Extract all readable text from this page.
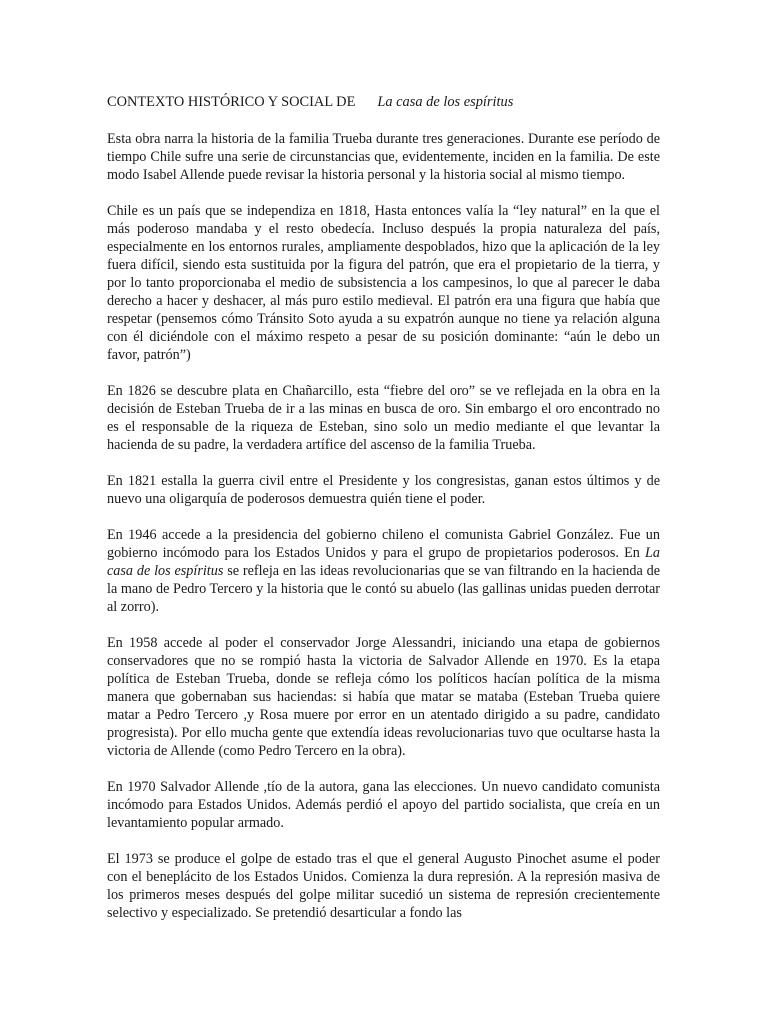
CONTEXTO HISTÓRICO Y SOCIAL DE La casa de los espíritus

Esta obra narra la historia de la familia Trueba durante tres generaciones. Durante ese período de tiempo Chile sufre una serie de circunstancias que, evidentemente, inciden en la familia. De este modo Isabel Allende puede revisar la historia personal y la historia social al mismo tiempo.

Chile es un país que se independiza en 1818, Hasta entonces valía la “ley natural” en la que el más poderoso mandaba y el resto obedecía. Incluso después la propia naturaleza del país, especialmente en los entornos rurales, ampliamente despoblados, hizo que la aplicación de la ley fuera difícil, siendo esta sustituida por la figura del patrón, que era el propietario de la tierra, y por lo tanto proporcionaba el medio de subsistencia a los campesinos, lo que al parecer le daba derecho a hacer y deshacer, al más puro estilo medieval. El patrón era una figura que había que respetar (pensemos cómo Tránsito Soto ayuda a su expatrón aunque no tiene ya relación alguna con él diciéndole con el máximo respeto a pesar de su posición dominante: “aún le debo un favor, patrón”)

En 1826 se descubre plata en Chañarcillo, esta “fiebre del oro” se ve reflejada en la obra en la decisión de Esteban Trueba de ir a las minas en busca de oro. Sin embargo el oro encontrado no es el responsable de la riqueza de Esteban, sino solo un medio mediante el que levantar la hacienda de su padre, la verdadera artífice del ascenso de la familia Trueba.

En 1821 estalla la guerra civil entre el Presidente y los congresistas, ganan estos últimos y de nuevo una oligarquía de poderosos demuestra quién tiene el poder.

En 1946 accede a la presidencia del gobierno chileno el comunista Gabriel González. Fue un gobierno incómodo para los Estados Unidos y para el grupo de propietarios poderosos. En La casa de los espíritus se refleja en las ideas revolucionarias que se van filtrando en la hacienda de la mano de Pedro Tercero y la historia que le contó su abuelo (las gallinas unidas pueden derrotar al zorro).

En 1958 accede al poder el conservador Jorge Alessandri, iniciando una etapa de gobiernos conservadores que no se rompió hasta la victoria de Salvador Allende en 1970. Es la etapa política de Esteban Trueba, donde se refleja cómo los políticos hacían política de la misma manera que gobernaban sus haciendas: si había que matar se mataba (Esteban Trueba quiere matar a Pedro Tercero ,y Rosa muere por error en un atentado dirigido a su padre, candidato progresista). Por ello mucha gente que extendía ideas revolucionarias tuvo que ocultarse hasta la victoria de Allende (como Pedro Tercero en la obra).

En 1970 Salvador Allende ,tío de la autora, gana las elecciones. Un nuevo candidato comunista incómodo para Estados Unidos. Además perdió el apoyo del partido socialista, que creía en un levantamiento popular armado.

El 1973 se produce el golpe de estado tras el que el general Augusto Pinochet asume el poder con el beneplácito de los Estados Unidos. Comienza la dura represión. A la represión masiva de los primeros meses después del golpe militar sucedió un sistema de represión crecientemente selectivo y especializado. Se pretendió desarticular a fondo las
